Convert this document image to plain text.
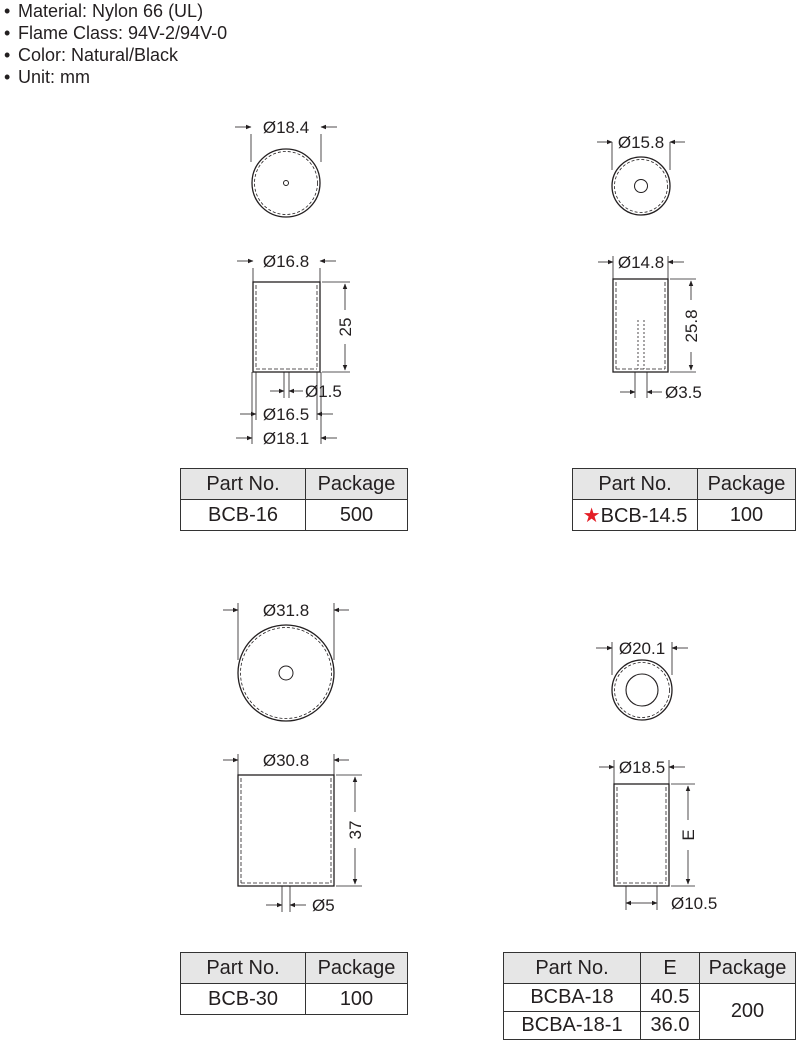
• Material: Nylon 66 (UL)
• Flame Class: 94V-2/94V-0
• Color: Natural/Black
• Unit: mm
Ø18.4
Ø16.8
25
Ø1.5
Ø16.5
Ø18.1
Ø15.8
Ø14.8
25.8
Ø3.5
Ø31.8
Ø30.8
37
Ø5
Ø20.1
Ø18.5
E
Ø10.5
Part No.	Package
BCB-16	500
Part No.	Package
★BCB-14.5	100
Part No.	Package
BCB-30	100
Part No.	E	Package
BCBA-18	40.5	200
BCBA-18-1	36.0	
